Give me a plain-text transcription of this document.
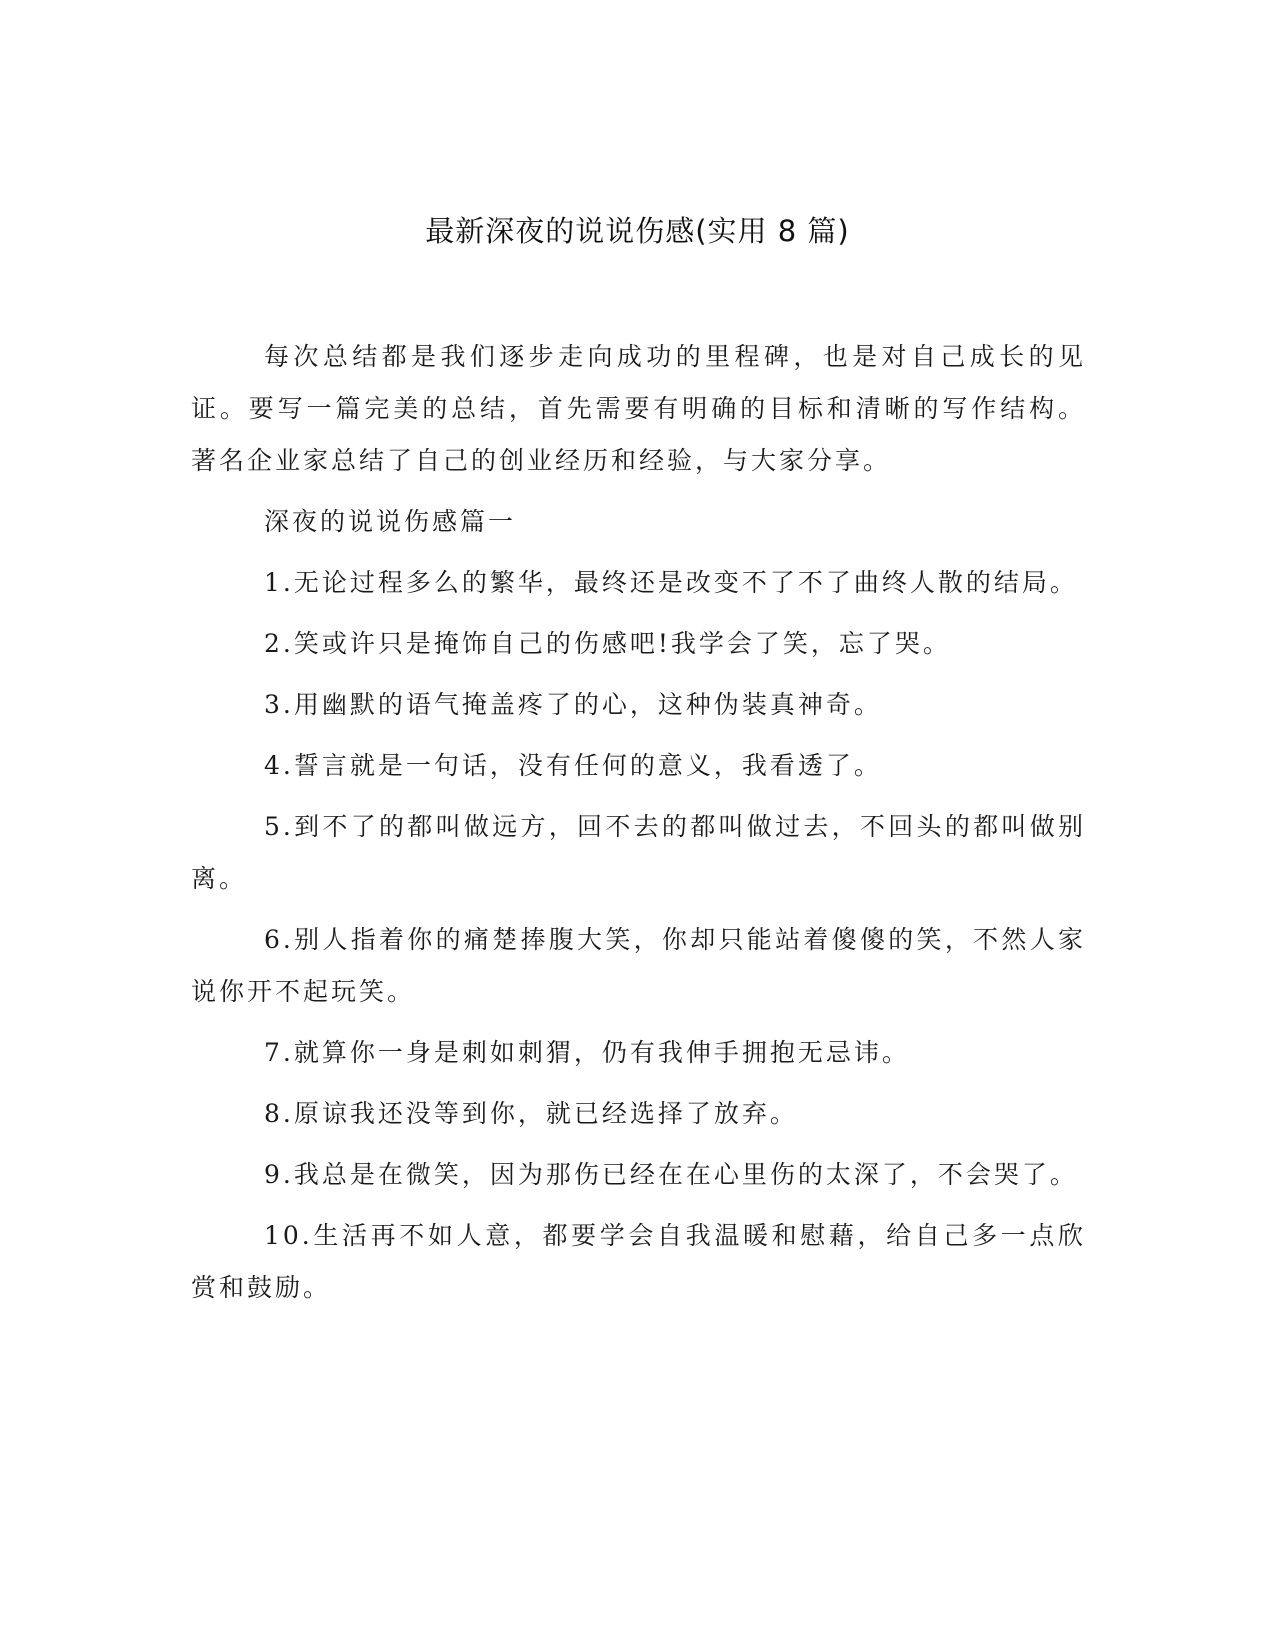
最新深夜的说说伤感(实用 8 篇)

每次总结都是我们逐步走向成功的里程碑，也是对自己成长的见证。要写一篇完美的总结，首先需要有明确的目标和清晰的写作结构。著名企业家总结了自己的创业经历和经验，与大家分享。

深夜的说说伤感篇一

1.无论过程多么的繁华，最终还是改变不了不了曲终人散的结局。

2.笑或许只是掩饰自己的伤感吧!我学会了笑，忘了哭。

3.用幽默的语气掩盖疼了的心，这种伪装真神奇。

4.誓言就是一句话，没有任何的意义，我看透了。

5.到不了的都叫做远方，回不去的都叫做过去，不回头的都叫做别离。

6.别人指着你的痛楚捧腹大笑，你却只能站着傻傻的笑，不然人家说你开不起玩笑。

7.就算你一身是刺如刺猬，仍有我伸手拥抱无忌讳。

8.原谅我还没等到你，就已经选择了放弃。

9.我总是在微笑，因为那伤已经在在心里伤的太深了，不会哭了。

10.生活再不如人意，都要学会自我温暖和慰藉，给自己多一点欣赏和鼓励。
